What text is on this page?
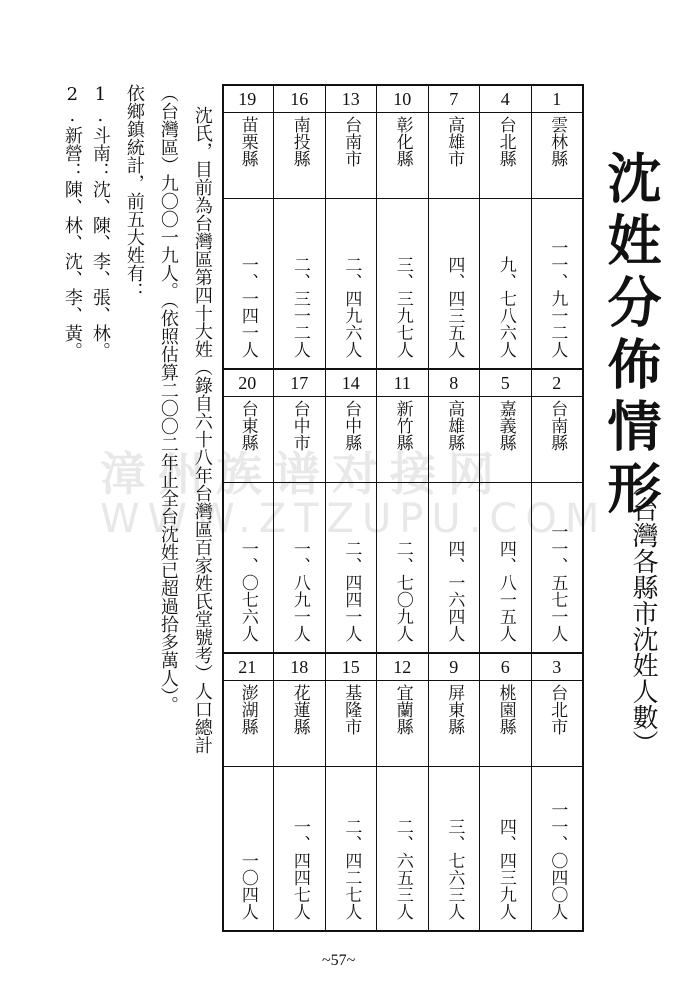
漳州族谱对接网
WWW.ZTZUPU.COM
沈姓分佈情形
（台灣各縣市沈姓人數）
1
雲林縣
一一、九一二人
4
台北縣
九、七八六人
7
高雄市
四、四三五人
10
彰化縣
三、三九七人
13
台南市
二、四九六人
16
南投縣
二、三一二人
19
苗栗縣
一、一四一人
2
台南縣
一一、五七一人
5
嘉義縣
四、八一五人
8
高雄縣
四、一六四人
11
新竹縣
二、七〇九人
14
台中縣
二、四四一人
17
台中市
一、八九一人
20
台東縣
一、〇七六人
3
台北市
一一、〇四〇人
6
桃園縣
四、四三九人
9
屏東縣
三、七六三人
12
宜蘭縣
二、六五三人
15
基隆市
二、四二七人
18
花蓮縣
一、四四七人
21
澎湖縣
一〇四人
沈氏，目前為台灣區第四十大姓（錄自六十八年台灣區百家姓氏堂號考）人口總計
（台灣區）九〇〇一九人。（依照估算二〇〇二年止全台沈姓已超過拾多萬人）。
依鄉鎮統計，前五大姓有：
1.斗南：沈、陳、李、張、林。
2.新營：陳、林、沈、李、黃。
~57~
